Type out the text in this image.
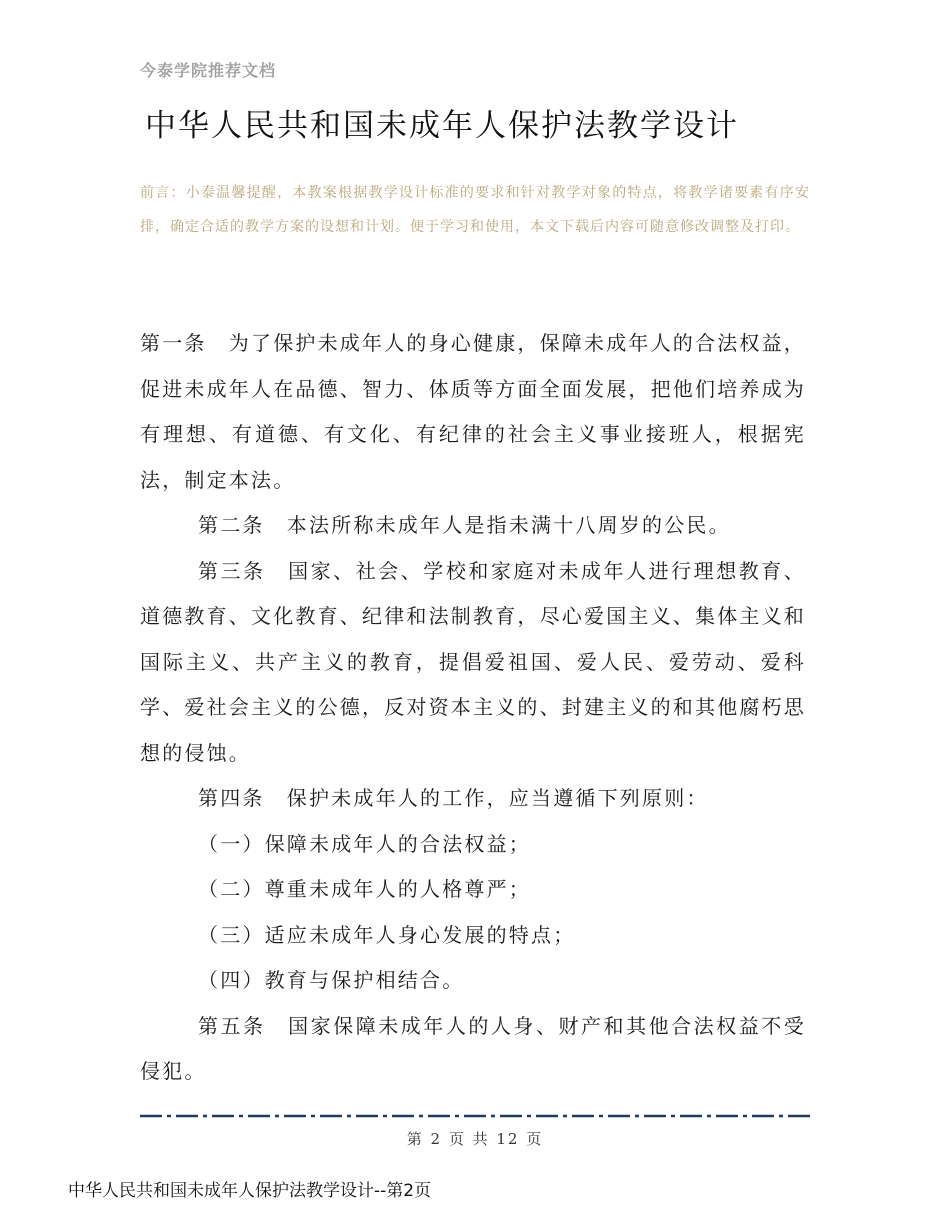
今泰学院推荐文档
中华人民共和国未成年人保护法教学设计
前言：小泰温馨提醒，本教案根据教学设计标准的要求和针对教学对象的特点，将教学诸要素有序安排，确定合适的教学方案的设想和计划。便于学习和使用，本文下载后内容可随意修改调整及打印。

第一条　为了保护未成年人的身心健康，保障未成年人的合法权益，促进未成年人在品德、智力、体质等方面全面发展，把他们培养成为有理想、有道德、有文化、有纪律的社会主义事业接班人，根据宪法，制定本法。

第二条　本法所称未成年人是指未满十八周岁的公民。

第三条　国家、社会、学校和家庭对未成年人进行理想教育、道德教育、文化教育、纪律和法制教育，尽心爱国主义、集体主义和国际主义、共产主义的教育，提倡爱祖国、爱人民、爱劳动、爱科学、爱社会主义的公德，反对资本主义的、封建主义的和其他腐朽思想的侵蚀。

第四条　保护未成年人的工作，应当遵循下列原则：

（一）保障未成年人的合法权益；

（二）尊重未成年人的人格尊严；

（三）适应未成年人身心发展的特点；

（四）教育与保护相结合。

第五条　国家保障未成年人的人身、财产和其他合法权益不受侵犯。

第 2 页 共 12 页
中华人民共和国未成年人保护法教学设计--第2页
